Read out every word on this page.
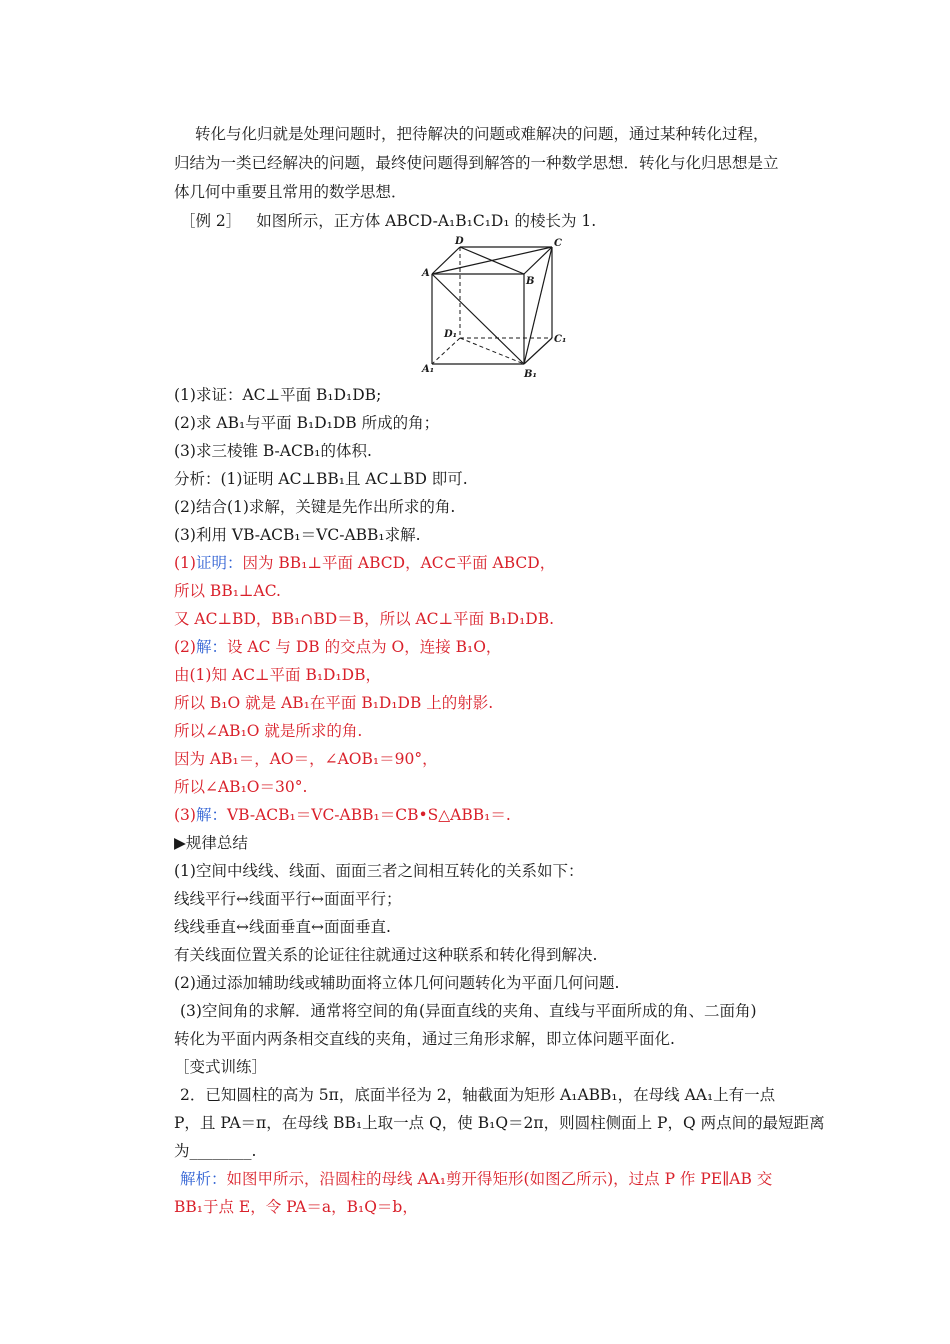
转化与化归就是处理问题时，把待解决的问题或难解决的问题，通过某种转化过程，
归结为一类已经解决的问题，最终使问题得到解答的一种数学思想．转化与化归思想是立
体几何中重要且常用的数学思想．
［例 2］ 如图所示，正方体 ABCD-A₁B₁C₁D₁ 的棱长为 1.
D	C
A
B
D₁	C₁
A₁	B₁
(1)求证：AC⊥平面 B₁D₁DB;
(2)求 AB₁与平面 B₁D₁DB 所成的角；
(3)求三棱锥 B-ACB₁的体积.
分析：(1)证明 AC⊥BB₁且 AC⊥BD 即可.
(2)结合(1)求解，关键是先作出所求的角.
(3)利用 VB-ACB₁＝VC-ABB₁求解.
(1)证明：因为 BB₁⊥平面 ABCD，AC⊂平面 ABCD，
所以 BB₁⊥AC.
又 AC⊥BD，BB₁∩BD＝B，所以 AC⊥平面 B₁D₁DB.
(2)解：设 AC 与 DB 的交点为 O，连接 B₁O，
由(1)知 AC⊥平面 B₁D₁DB，
所以 B₁O 就是 AB₁在平面 B₁D₁DB 上的射影.
所以∠AB₁O 就是所求的角.
因为 AB₁＝，AO＝，∠AOB₁＝90°，
所以∠AB₁O＝30°.
(3)解：VB-ACB₁＝VC-ABB₁＝CB•S△ABB₁＝.
▶规律总结
(1)空间中线线、线面、面面三者之间相互转化的关系如下：
线线平行↔线面平行↔面面平行；
线线垂直↔线面垂直↔面面垂直.
有关线面位置关系的论证往往就通过这种联系和转化得到解决.
(2)通过添加辅助线或辅助面将立体几何问题转化为平面几何问题.
(3)空间角的求解．通常将空间的角(异面直线的夹角、直线与平面所成的角、二面角)
转化为平面内两条相交直线的夹角，通过三角形求解，即立体问题平面化.
［变式训练］
2．已知圆柱的高为 5π，底面半径为 2，轴截面为矩形 A₁ABB₁，在母线 AA₁上有一点
P，且 PA＝π，在母线 BB₁上取一点 Q，使 B₁Q＝2π，则圆柱侧面上 P，Q 两点间的最短距离
为________.
解析：如图甲所示，沿圆柱的母线 AA₁剪开得矩形(如图乙所示)，过点 P 作 PE∥AB 交
BB₁于点 E，令 PA＝a，B₁Q＝b，
